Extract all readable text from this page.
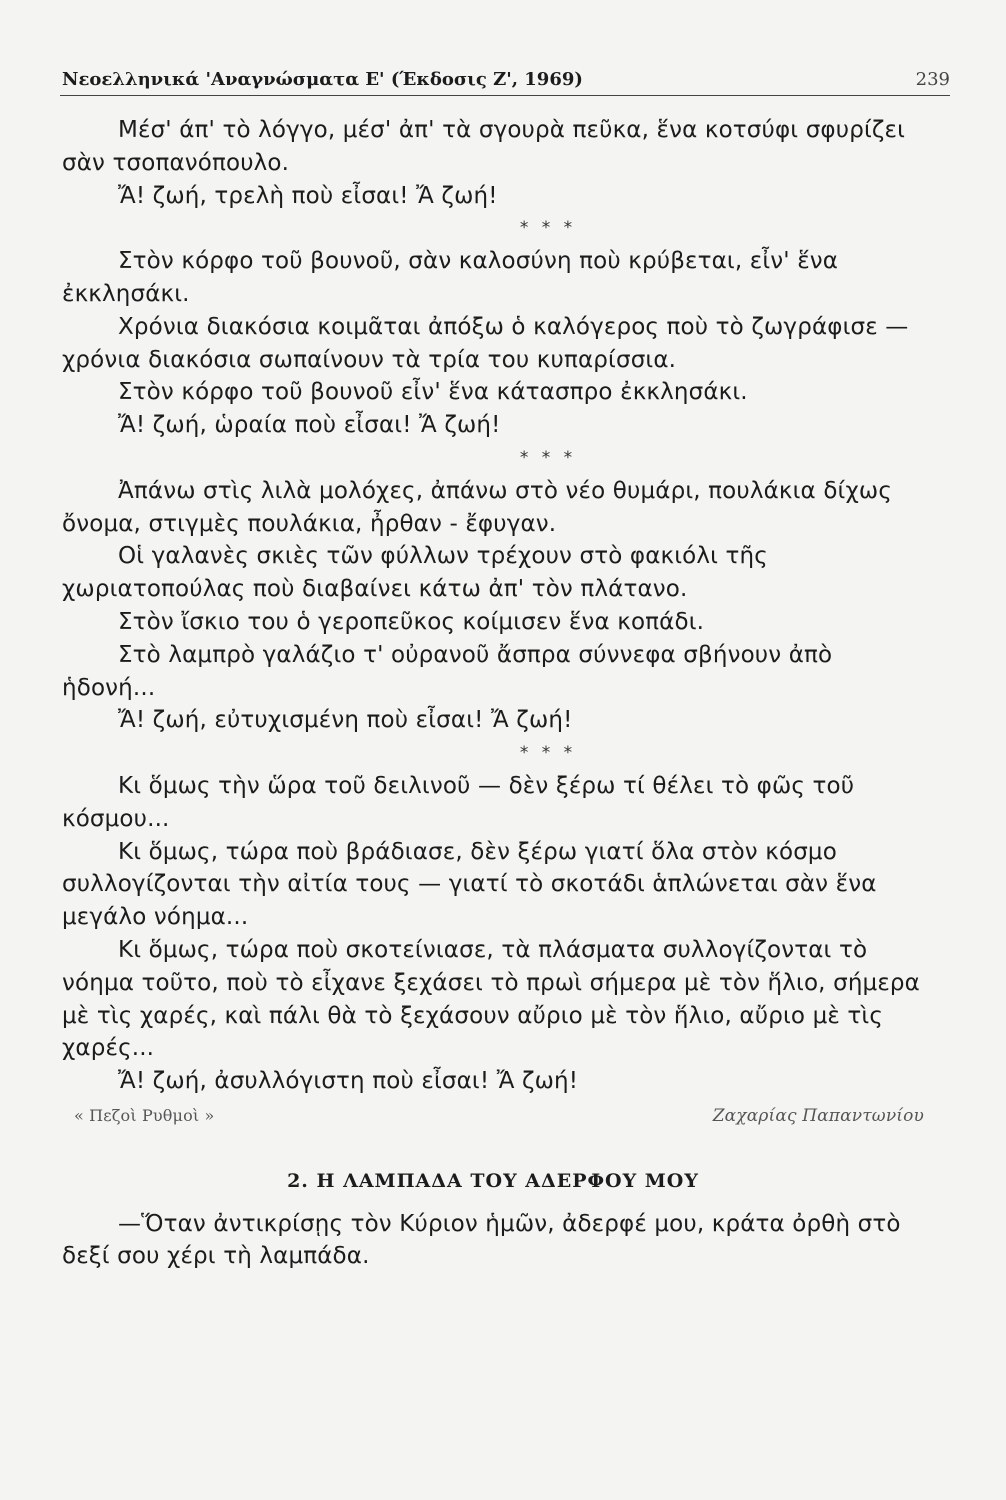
Νεοελληνικά 'Αναγνώσματα Ε' (Έκδοσις Ζ', 1969)	239

Μέσ' άπ' τὸ λόγγο, μέσ' ἀπ' τὰ σγουρὰ πεῦκα, ἕνα κοτσύφι σφυρίζει σὰν τσοπανόπουλο.

Ἄ! ζωή, τρελὴ ποὺ εἶσαι! Ἄ ζωή!

* * *

Στὸν κόρφο τοῦ βουνοῦ, σὰν καλοσύνη ποὺ κρύβεται, εἶν' ἕνα ἐκκλησάκι.

Χρόνια διακόσια κοιμᾶται ἀπόξω ὁ καλόγερος ποὺ τὸ ζωγράφισε — χρόνια διακόσια σωπαίνουν τὰ τρία του κυπαρίσσια.

Στὸν κόρφο τοῦ βουνοῦ εἶν' ἕνα κάτασπρο ἐκκλησάκι.

Ἄ! ζωή, ὡραία ποὺ εἶσαι! Ἄ ζωή!

* * *

Ἀπάνω στὶς λιλὰ μολόχες, ἀπάνω στὸ νέο θυμάρι, πουλάκια δίχως ὄνομα, στιγμὲς πουλάκια, ἦρθαν - ἔφυγαν.

Οἱ γαλανὲς σκιὲς τῶν φύλλων τρέχουν στὸ φακιόλι τῆς χωριατοπούλας ποὺ διαβαίνει κάτω ἀπ' τὸν πλάτανο.

Στὸν ἴσκιο του ὁ γεροπεῦκος κοίμισεν ἕνα κοπάδι.

Στὸ λαμπρὸ γαλάζιο τ' οὐρανοῦ ἄσπρα σύννεφα σβήνουν ἀπὸ ἡδονή...

Ἄ! ζωή, εὐτυχισμένη ποὺ εἶσαι! Ἄ ζωή!

* * *

Κι ὅμως τὴν ὥρα τοῦ δειλινοῦ — δὲν ξέρω τί θέλει τὸ φῶς τοῦ κόσμου...

Κι ὅμως, τώρα ποὺ βράδιασε, δὲν ξέρω γιατί ὅλα στὸν κόσμο συλλογίζονται τὴν αἰτία τους — γιατί τὸ σκοτάδι ἁπλώνεται σὰν ἕνα μεγάλο νόημα...

Κι ὅμως, τώρα ποὺ σκοτείνιασε, τὰ πλάσματα συλλογίζονται τὸ νόημα τοῦτο, ποὺ τὸ εἶχανε ξεχάσει τὸ πρωὶ σήμερα μὲ τὸν ἥλιο, σήμερα μὲ τὶς χαρές, καὶ πάλι θὰ τὸ ξεχάσουν αὔριο μὲ τὸν ἥλιο, αὔριο μὲ τὶς χαρές...

Ἄ! ζωή, ἀσυλλόγιστη ποὺ εἶσαι! Ἄ ζωή!

« Πεζοὶ Ρυθμοὶ »	Ζαχαρίας Παπαντωνίου
2. Η ΛΑΜΠΑΔΑ ΤΟΥ ΑΔΕΡΦΟΥ ΜΟΥ

—Ὅταν ἀντικρίσῃς τὸν Κύριον ἡμῶν, ἀδερφέ μου, κράτα ὀρθὴ στὸ δεξί σου χέρι τὴ λαμπάδα.
